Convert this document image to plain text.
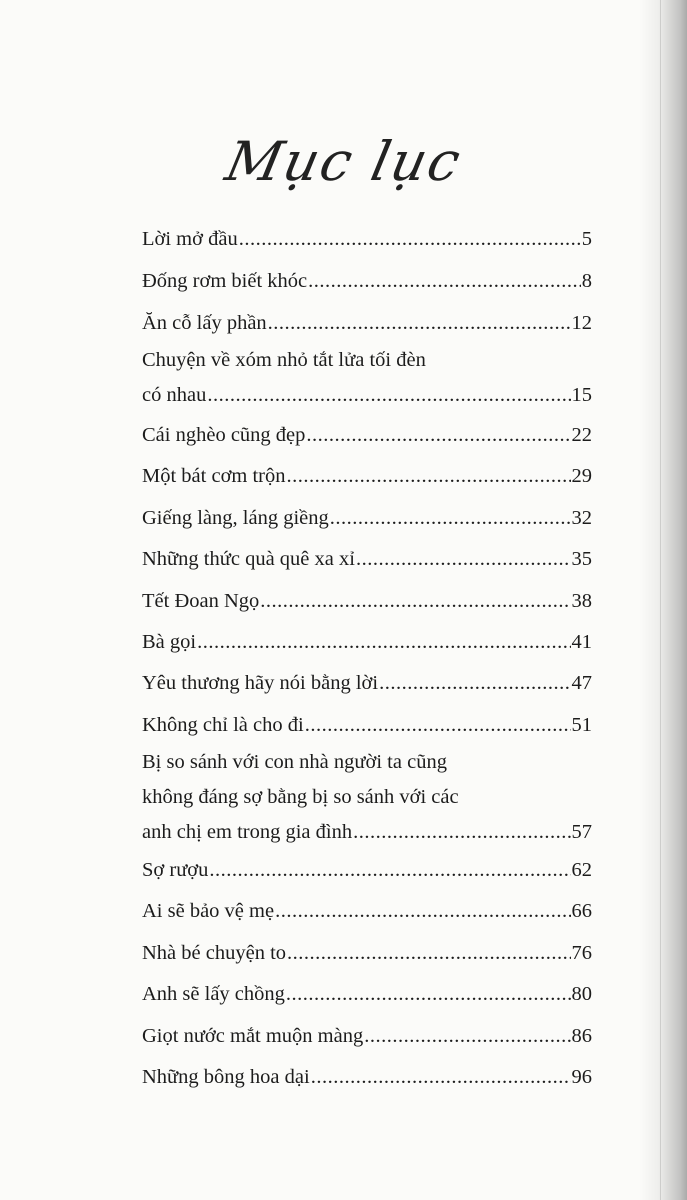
Mục lục
Lời mở đầu .....	5
Đống rơm biết khóc .....	8
Ăn cỗ lấy phần .....	12
Chuyện về xóm nhỏ tắt lửa tối đèn
có nhau .....	15
Cái nghèo cũng đẹp .....	22
Một bát cơm trộn .....	29
Giếng làng, láng giềng .....	32
Những thức quà quê xa xỉ .....	35
Tết Đoan Ngọ .....	38
Bà gọi .....	41
Yêu thương hãy nói bằng lời .....	47
Không chỉ là cho đi .....	51
Bị so sánh với con nhà người ta cũng
không đáng sợ bằng bị so sánh với các
anh chị em trong gia đình .....	57
Sợ rượu .....	62
Ai sẽ bảo vệ mẹ .....	66
Nhà bé chuyện to .....	76
Anh sẽ lấy chồng .....	80
Giọt nước mắt muộn màng .....	86
Những bông hoa dại .....	96
